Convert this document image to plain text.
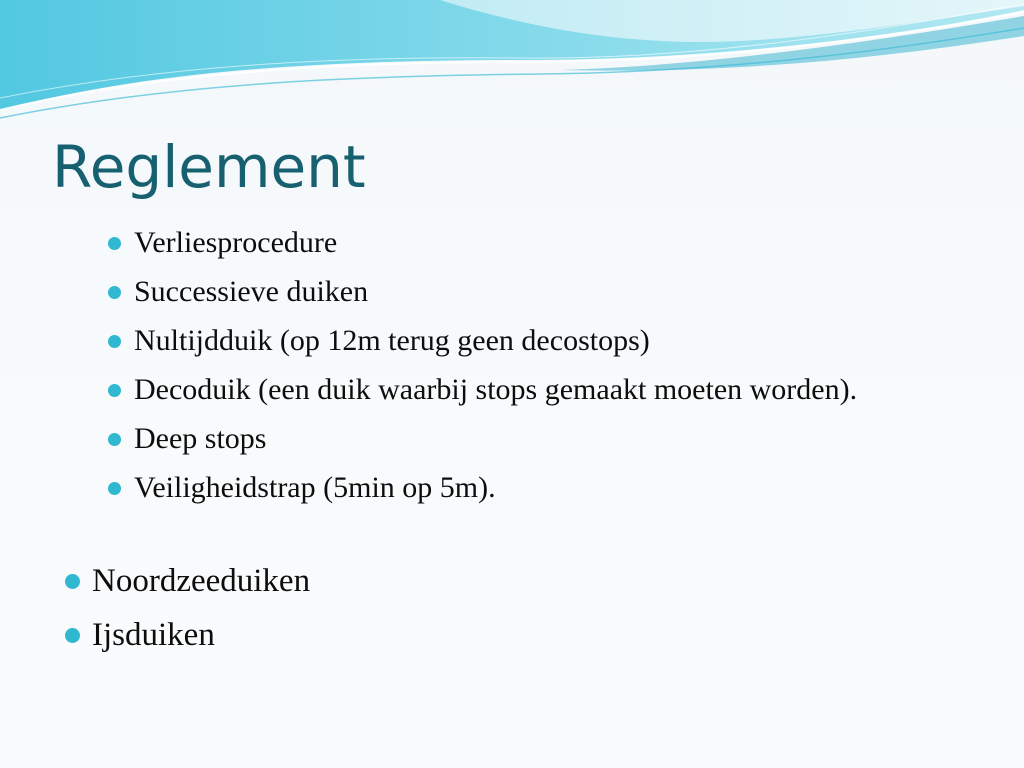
Reglement
Verliesprocedure
Successieve duiken
Nultijdduik (op 12m terug geen decostops)
Decoduik (een duik waarbij stops gemaakt moeten worden).
Deep stops
Veiligheidstrap (5min op 5m).
Noordzeeduiken
Ijsduiken
